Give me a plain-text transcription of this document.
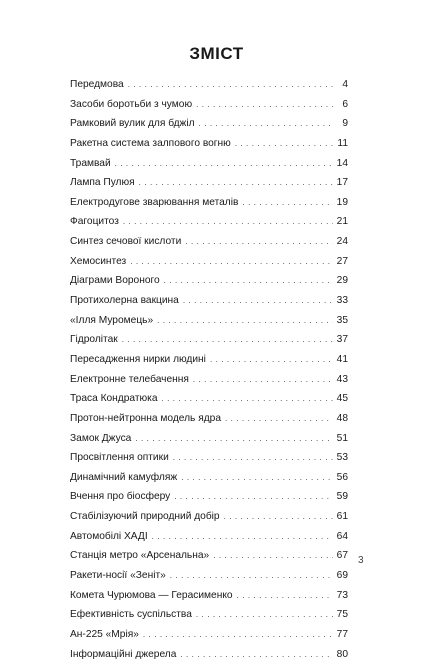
ЗМІСТ
Передмова . . .	4
Засоби боротьби з чумою . . .	6
Рамковий вулик для бджіл . . .	9
Ракетна система залпового вогню . . .	11
Трамвай . . .	14
Лампа Пулюя . . .	17
Електродугове зварювання металів . . .	19
Фагоцитоз . . .	21
Синтез сечової кислоти . . .	24
Хемосинтез . . .	27
Діаграми Вороного . . .	29
Протихолерна вакцина . . .	33
«Ілля Муромець» . . .	35
Гідролітак . . .	37
Пересадження нирки людині . . .	41
Електронне телебачення . . .	43
Траса Кондратюка . . .	45
Протон-нейтронна модель ядра . . .	48
Замок Джуса . . .	51
Просвітлення оптики . . .	53
Динамічний камуфляж . . .	56
Вчення про біосферу . . .	59
Стабілізуючий природний добір . . .	61
Автомобілі ХАДІ . . .	64
Станція метро «Арсенальна» . . .	67
Ракети-носії «Зеніт» . . .	69
Комета Чурюмова — Герасименко . . .	73
Ефективність суспільства . . .	75
Ан-225 «Мрія» . . .	77
Інформаційні джерела . . .	80
3
